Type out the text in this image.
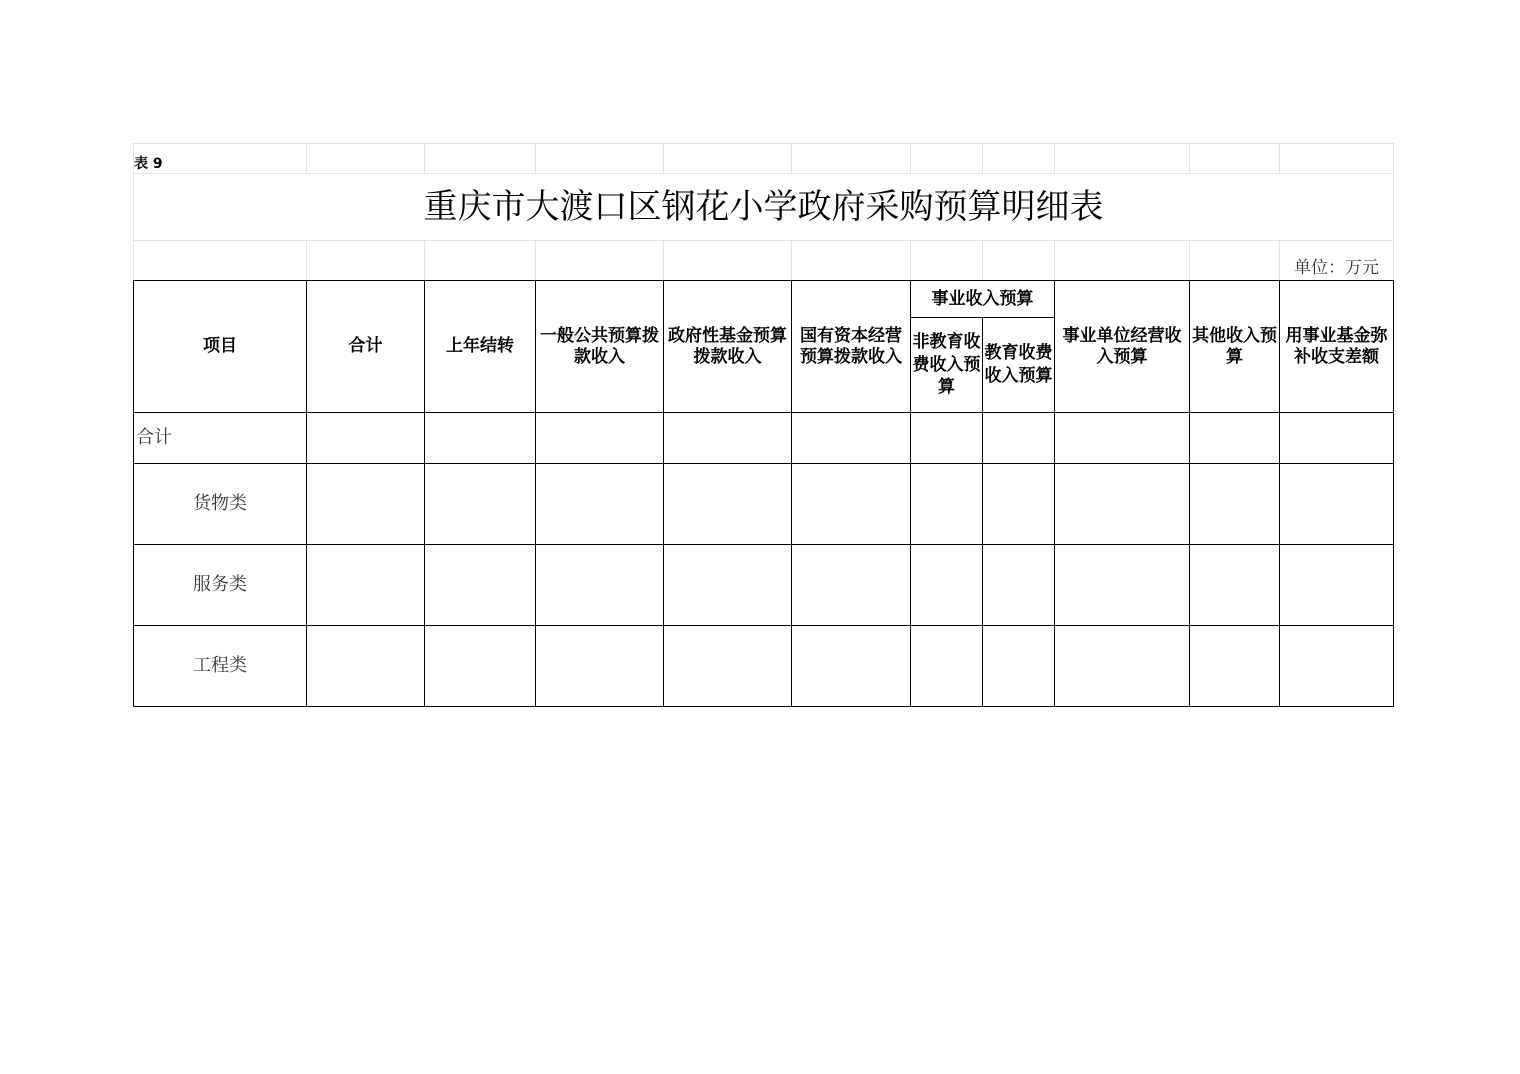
表 9										
重庆市大渡口区钢花小学政府采购预算明细表										
										单位：万元
项目	合计	上年结转	一般公共预算拨款收入	政府性基金预算拨款收入	国有资本经营预算拨款收入	事业收入预算		事业单位经营收入预算	其他收入预算	用事业基金弥补收支差额
						非教育收费收入预算	教育收费收入预算			
合计										
货物类										
服务类										
工程类										
